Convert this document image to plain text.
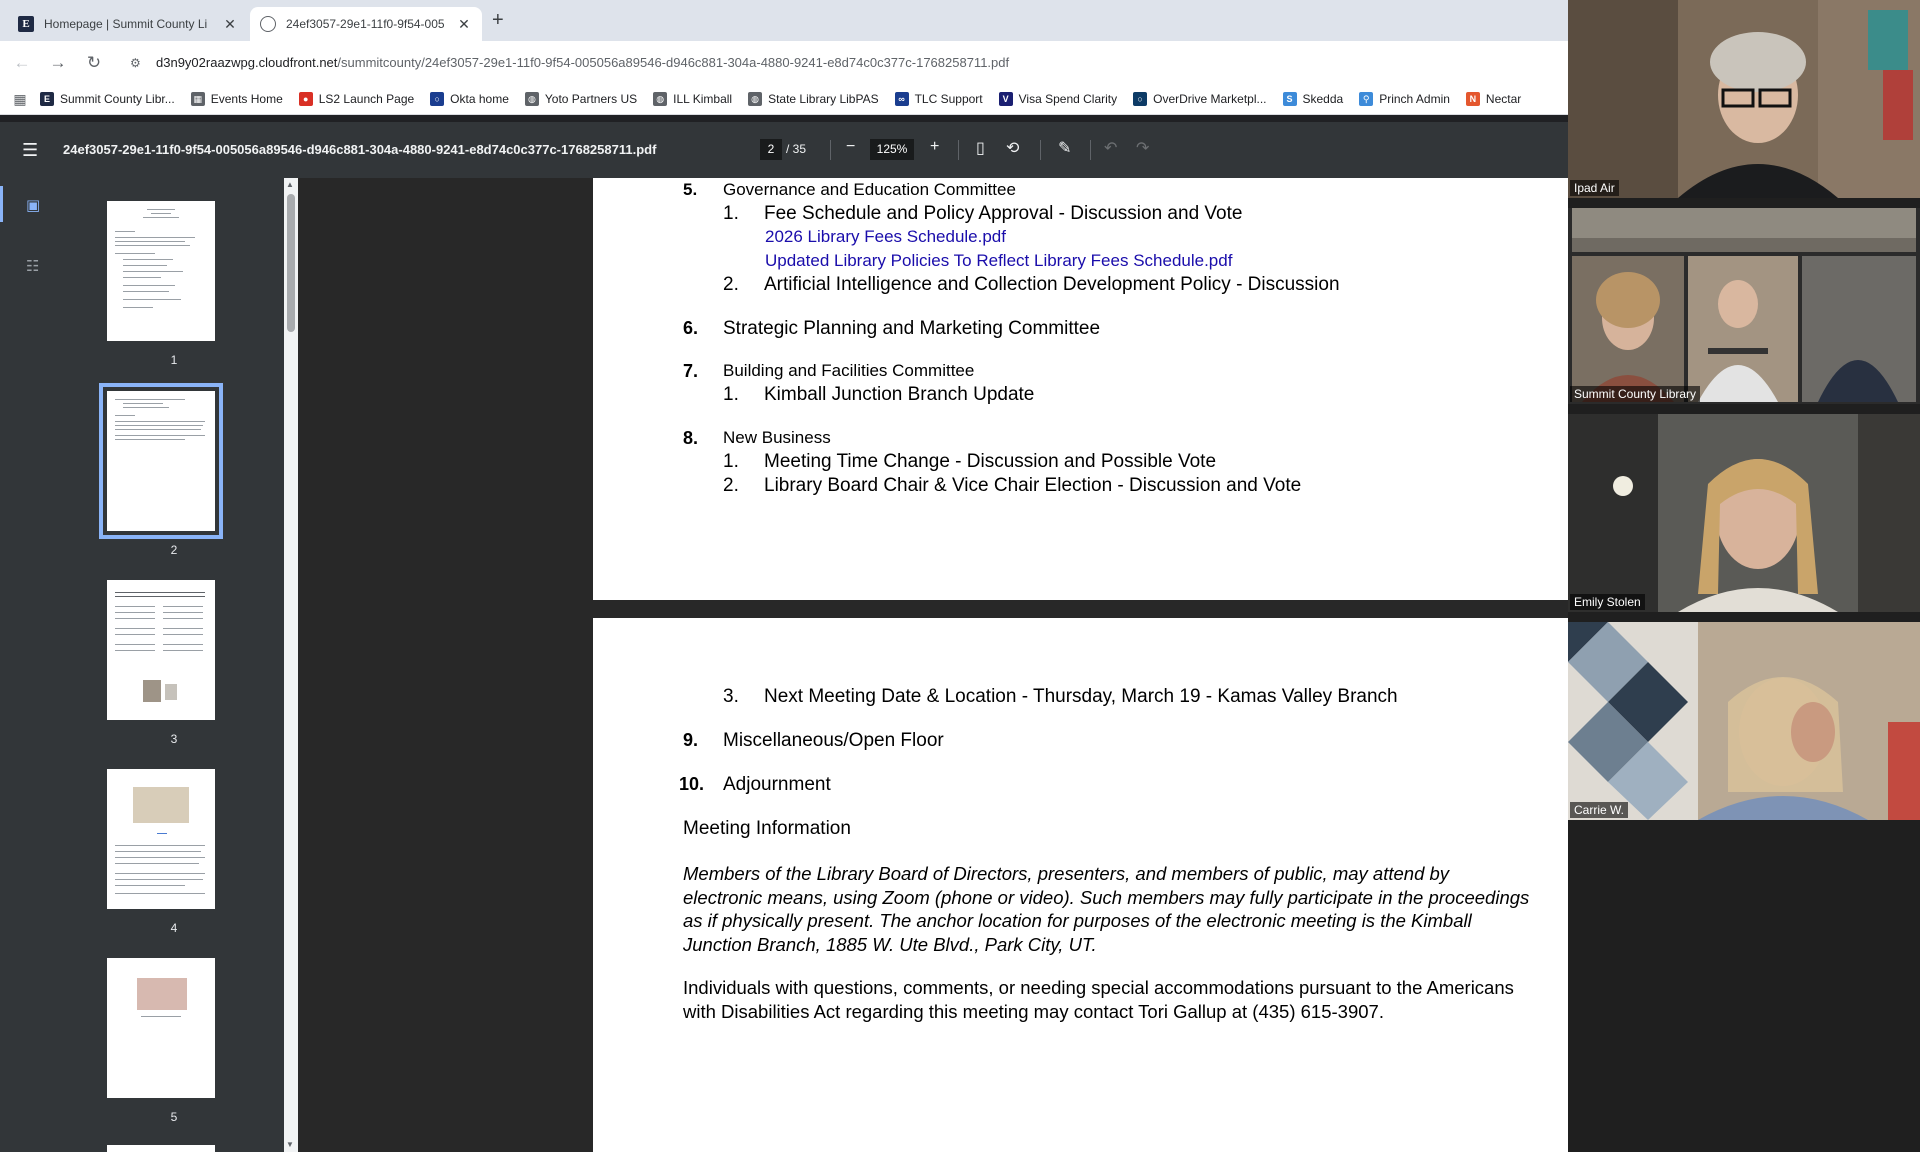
E	Homepage | Summit County Li	✕	24ef3057-29e1-11f0-9f54-005 ✕ +
←	→	↻	⚙	d3n9y02raazwpg.cloudfront.net /summitcounty/24ef3057-29e1-11f0-9f54-005056a89546-d946c881-304a-4880-9241-e8d74c0c377c-1768258711.pdf
▦	E Summit County Libr...	▦ Events Home	● LS2 Launch Page	○ Okta home	◍ Yoto Partners US	◍ ILL Kimball	◍ State Library LibPAS	∞ TLC Support	V Visa Spend Clarity	○ OverDrive Marketpl...	S Skedda	⚲ Princh Admin	N Nectar
☰ 24ef3057-29e1-11f0-9f54-005056a89546-d946c881-304a-4880-9241-e8d74c0c377c-1768258711.pdf	2 / 35 −	125%	+ ▯ ⟲ ✎ ↶ ↷
▣
☷
1
2
3
4
5
▲
▼
5. Governance and Education Committee
1. Fee Schedule and Policy Approval - Discussion and Vote
2026 Library Fees Schedule.pdf
Updated Library Policies To Reflect Library Fees Schedule.pdf
2. Artificial Intelligence and Collection Development Policy - Discussion
6. Strategic Planning and Marketing Committee
7. Building and Facilities Committee
1. Kimball Junction Branch Update
8. New Business
1. Meeting Time Change - Discussion and Possible Vote
2. Library Board Chair & Vice Chair Election - Discussion and Vote
3. Next Meeting Date & Location - Thursday, March 19 - Kamas Valley Branch
9. Miscellaneous/Open Floor
10. Adjournment
Meeting Information
Members of the Library Board of Directors, presenters, and members of public, may attend by electronic means, using Zoom (phone or video). Such members may fully participate in the proceedings as if physically present. The anchor location for purposes of the electronic meeting is the Kimball Junction Branch, 1885 W. Ute Blvd., Park City, UT.
Individuals with questions, comments, or needing special accommodations pursuant to the Americans with Disabilities Act regarding this meeting may contact Tori Gallup at (435) 615-3907.
Ipad Air
Summit County Library
Emily Stolen
Carrie W.
